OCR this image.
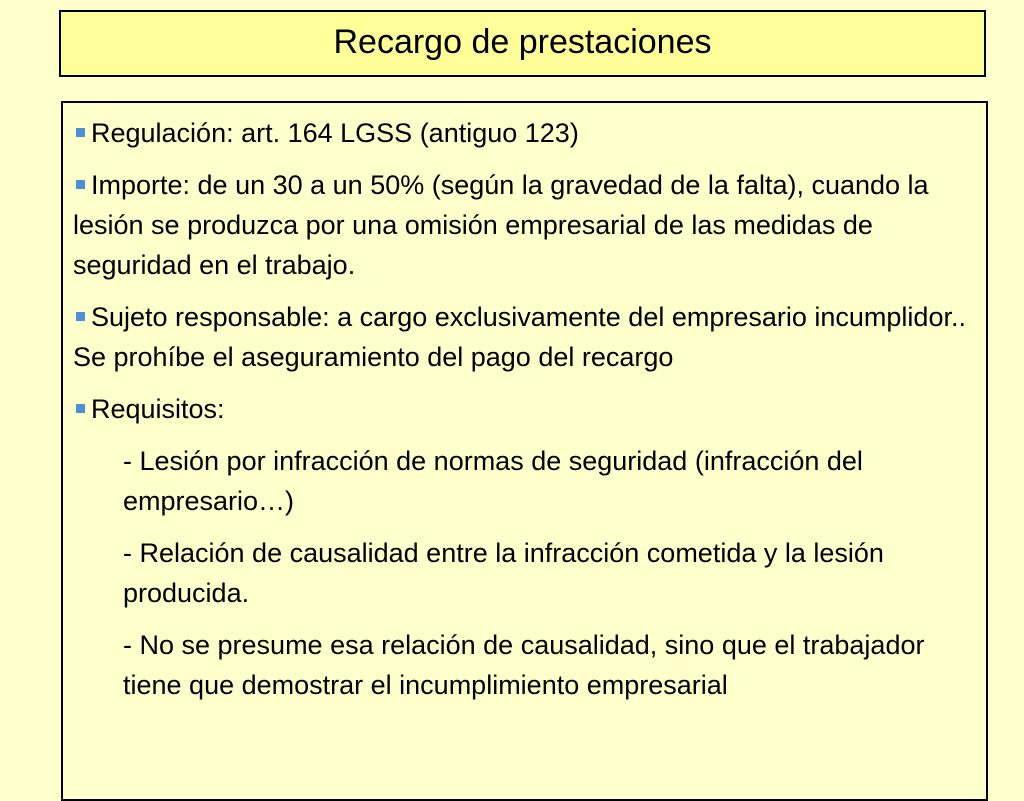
Recargo de prestaciones
Regulación: art. 164 LGSS (antiguo 123)
Importe: de un 30 a un 50% (según la gravedad de la falta), cuando la lesión se produzca por una omisión empresarial de las medidas de seguridad en el trabajo.
Sujeto responsable: a cargo exclusivamente del empresario incumplidor.. Se prohíbe el aseguramiento del pago del recargo
Requisitos:
- Lesión por infracción de normas de seguridad (infracción del empresario…)
- Relación de causalidad entre la infracción cometida y la lesión producida.
- No se presume esa relación de causalidad, sino que el trabajador tiene que demostrar el incumplimiento empresarial
